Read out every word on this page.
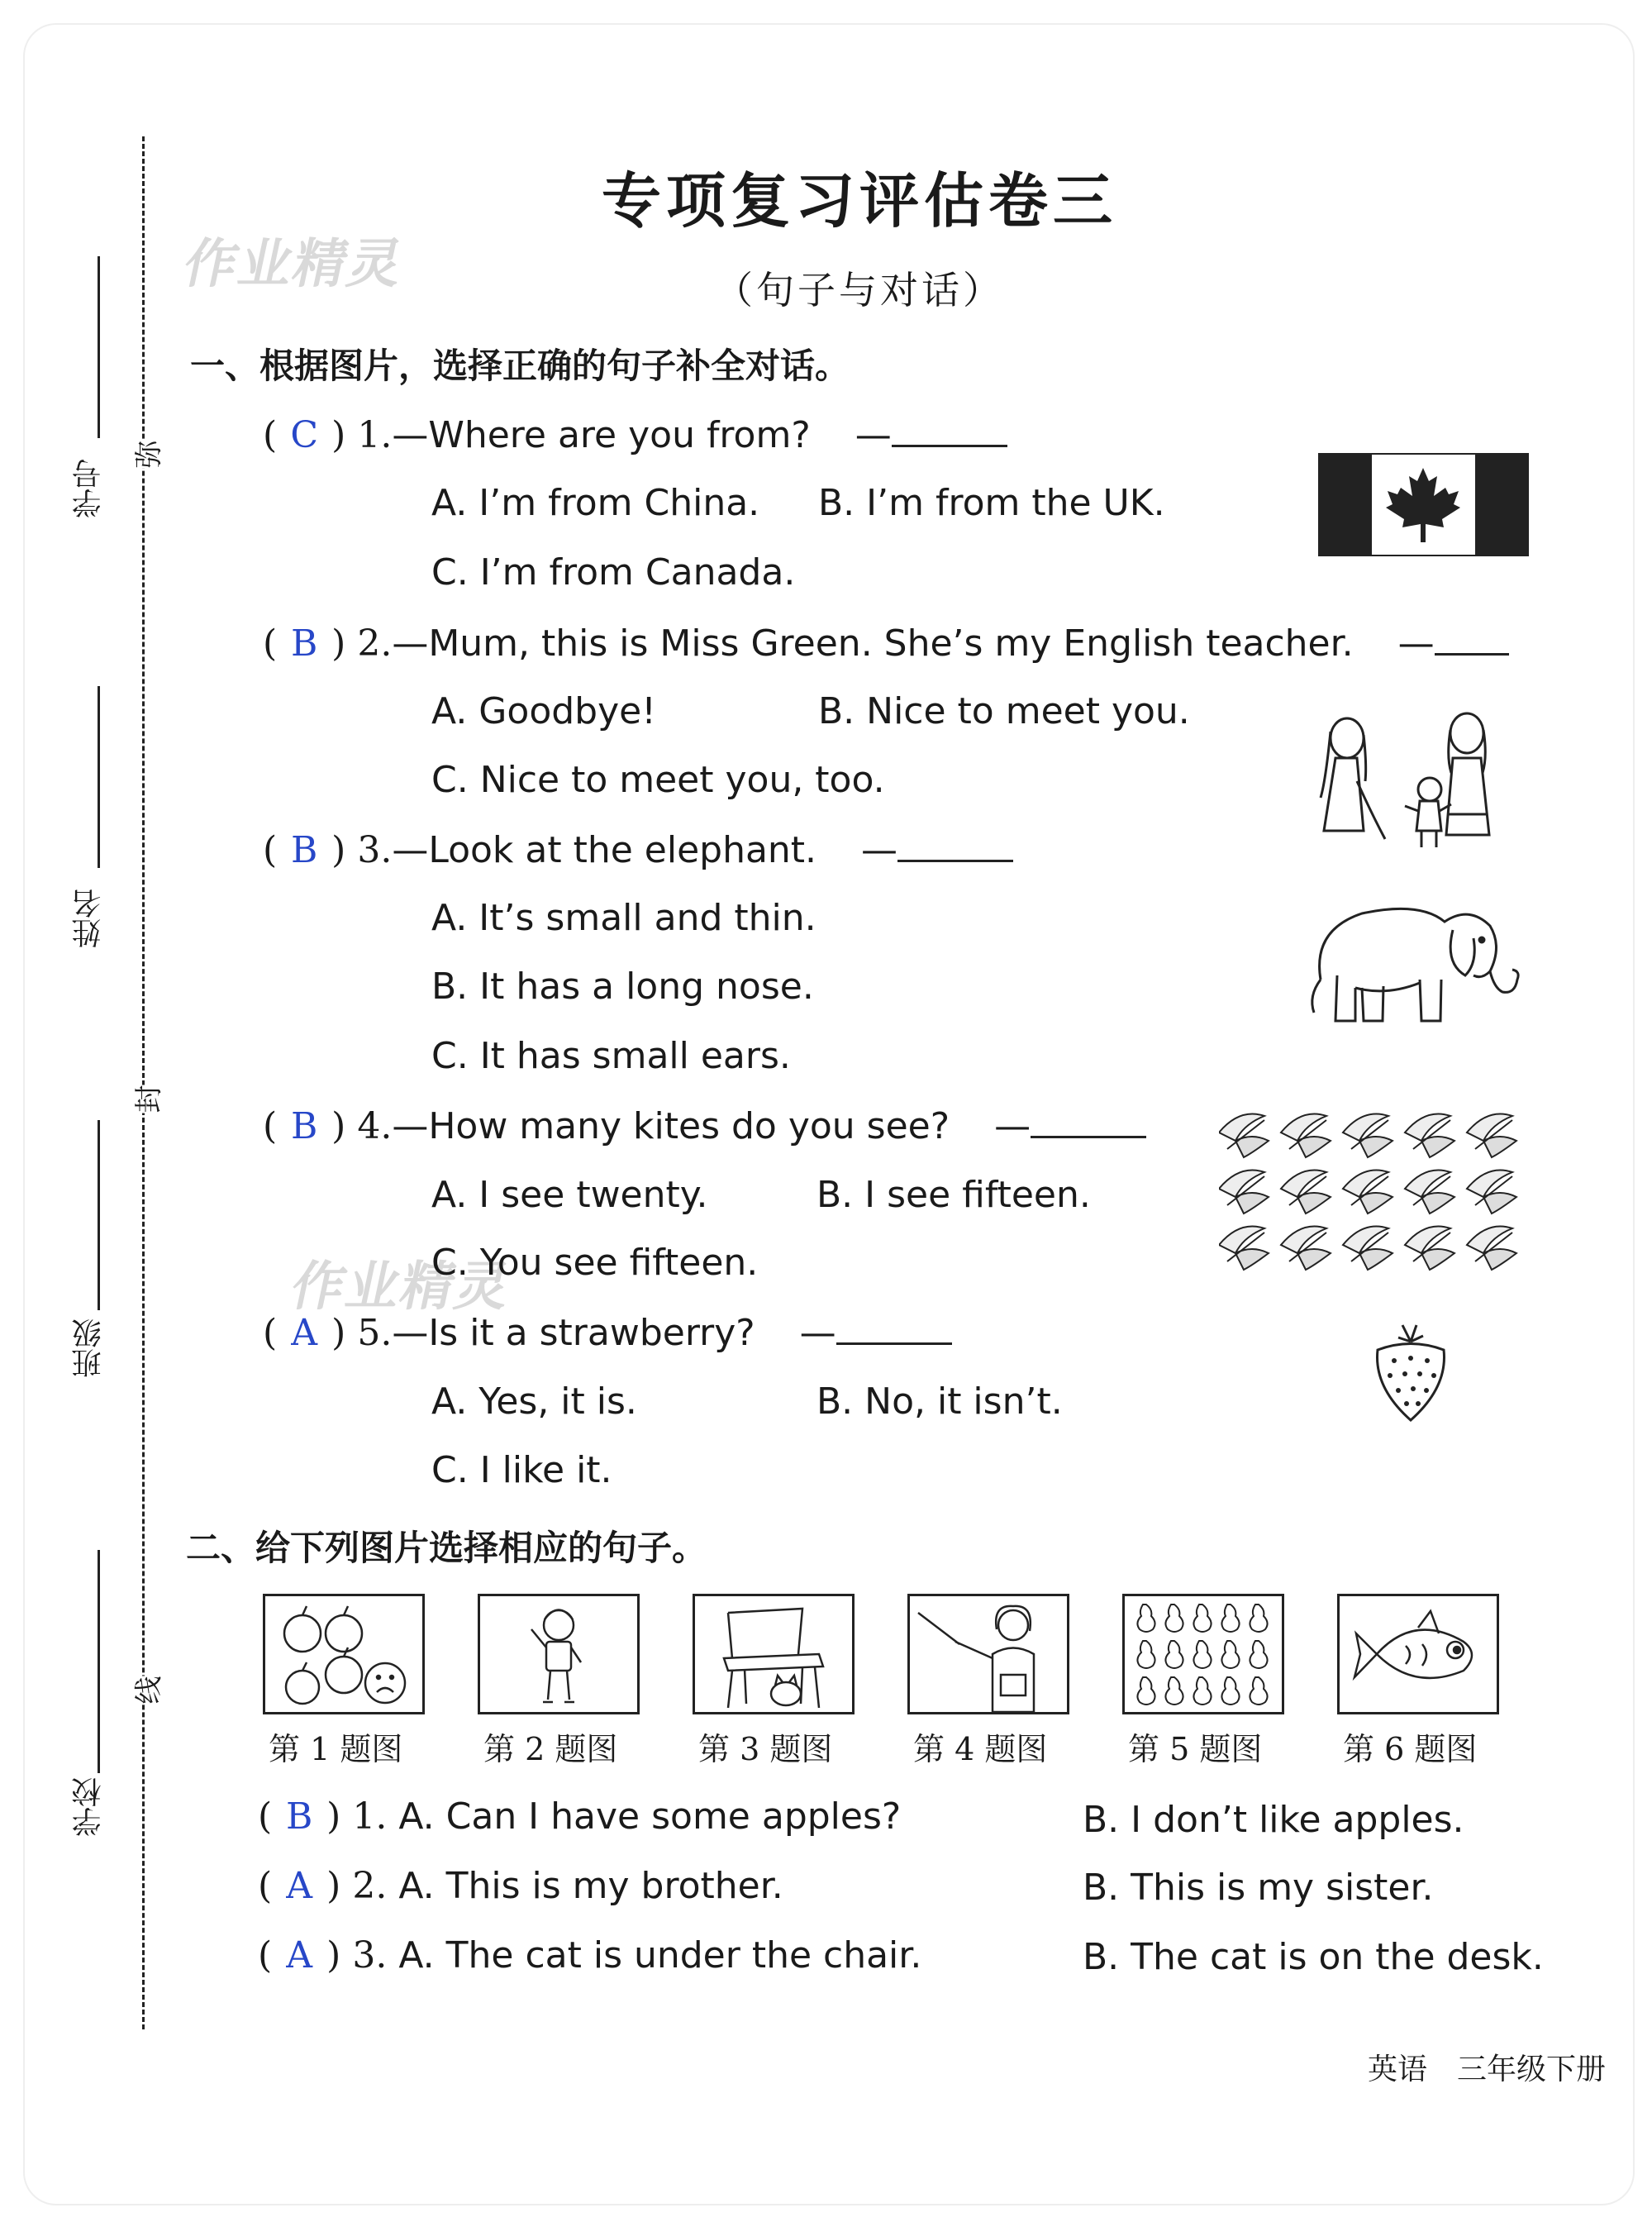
学号
姓名
班级
学校
弥
封
线
作业精灵
作业精灵
专项复习评估卷三
（句子与对话）
一、根据图片，选择正确的句子补全对话。
( C ) 1.—Where are you from? —
A. I’m from China. B. I’m from the UK.
C. I’m from Canada.
( B ) 2.—Mum, this is Miss Green. She’s my English teacher. —
A. Goodbye!	B. Nice to meet you.
C. Nice to meet you, too.
( B ) 3.—Look at the elephant. —
A. It’s small and thin.
B. It has a long nose.
C. It has small ears.
( B ) 4.—How many kites do you see? —
A. I see twenty.	B. I see fifteen.
C. You see fifteen.
( A ) 5.—Is it a strawberry? —
A. Yes, it is.	B. No, it isn’t.
C. I like it.
二、给下列图片选择相应的句子。
第 1 题图	第 2 题图	第 3 题图	第 4 题图	第 5 题图	第 6 题图
( B ) 1. A. Can I have some apples?	B. I don’t like apples.
( A ) 2. A. This is my brother.	B. This is my sister.
( A ) 3. A. The cat is under the chair.	B. The cat is on the desk.
英语 三年级下册
